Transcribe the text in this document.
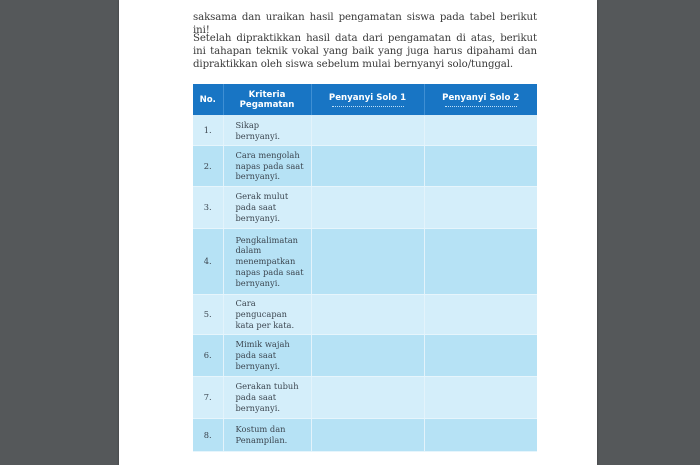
saksama dan uraikan hasil pengamatan siswa pada tabel berikut ini!

Setelah dipraktikkan hasil data dari pengamatan di atas, berikut ini tahapan teknik vokal yang baik yang juga harus dipahami dan dipraktikkan oleh siswa sebelum mulai bernyanyi solo/tunggal.

No.	Kriteria Pegamatan	Penyanyi Solo 1	Penyanyi Solo 2

1.	Sikap bernyanyi.		

2.	Cara mengolah napas pada saat bernyanyi.		

3.	Gerak mulut pada saat bernyanyi.		

4.	Pengkalimatan dalam menempatkan napas pada saat bernyanyi.		

5.	Cara pengucapan kata per kata.		

6.	Mimik wajah pada saat bernyanyi.		

7.	Gerakan tubuh pada saat bernyanyi.		

8.	Kostum dan Penampilan.		
